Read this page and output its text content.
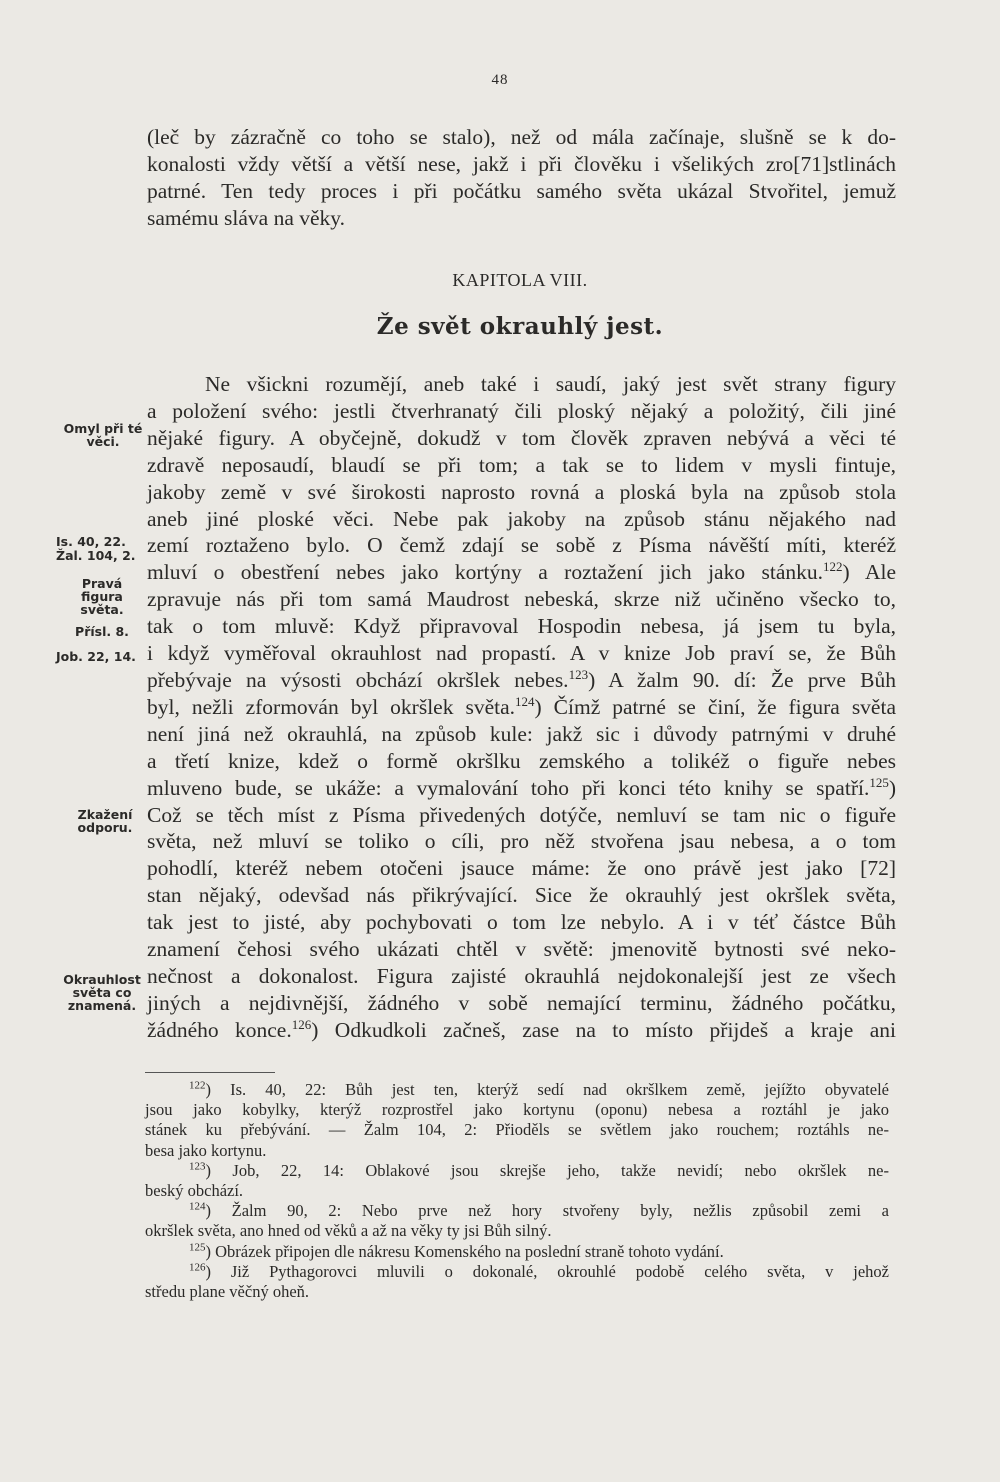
48

(leč by zázračně co toho se stalo), než od mála začínaje, slušně se k do-
konalosti vždy větší a větší nese, jakž i při člověku i všelikých zro[71]stlinách
patrné. Ten tedy proces i při počátku samého světa ukázal Stvořitel, jemuž
samému sláva na věky.

KAPITOLA VIII.
Že svět okrauhlý jest.

Ne všickni rozumějí, aneb také i saudí, jaký jest svět strany figury
a položení svého: jestli čtverhranatý čili ploský nějaký a položitý, čili jiné
nějaké figury. A obyčejně, dokudž v tom člověk zpraven nebývá a věci té
zdravě neposaudí, blaudí se při tom; a tak se to lidem v mysli fintuje,
jakoby země v své širokosti naprosto rovná a ploská byla na způsob stola
aneb jiné ploské věci. Nebe pak jakoby na způsob stánu nějakého nad
zemí roztaženo bylo. O čemž zdají se sobě z Písma návěští míti, kteréž
mluví o obestření nebes jako kortýny a roztažení jich jako stánku.$^{122}$) Ale
zpravuje nás při tom samá Maudrost nebeská, skrze niž učiněno všecko to,
tak o tom mluvě: Když připravoval Hospodin nebesa, já jsem tu byla,
i když vyměřoval okrauhlost nad propastí. A v knize Job praví se, že Bůh
přebývaje na výsosti obchází okršlek nebes.$^{123}$) A žalm 90. dí: Že prve Bůh
byl, nežli zformován byl okršlek světa.$^{124}$) Čímž patrné se činí, že figura světa
není jiná než okrauhlá, na způsob kule: jakž sic i důvody patrnými v druhé
a třetí knize, kdež o formě okršlku zemského a tolikéž o figuře nebes
mluveno bude, se ukáže: a vymalování toho při konci této knihy se spatří.$^{125}$)
Což se těch míst z Písma přivedených dotýče, nemluví se tam nic o figuře
světa, než mluví se toliko o cíli, pro něž stvořena jsau nebesa, a o tom
pohodlí, kteréž nebem otočeni jsauce máme: že ono právě jest jako [72]
stan nějaký, odevšad nás přikrývající. Sice že okrauhlý jest okršlek světa,
tak jest to jisté, aby pochybovati o tom lze nebylo. A i v téť částce Bůh
znamení čehosi svého ukázati chtěl v světě: jmenovitě bytnosti své neko-
nečnost a dokonalost. Figura zajisté okrauhlá nejdokonalejší jest ze všech
jiných a nejdivnější, žádného v sobě nemající terminu, žádného počátku,
žádného konce.$^{126}$) Odkudkoli začneš, zase na to místo přijdeš a kraje ani

Omyl při té věci.
Is. 40, 22.
Žal. 104, 2.
Pravá figura světa.
Přísl. 8.
Job. 22, 14.
Zkažení odporu.
Okrauhlost světa co znamená.
$^{122}$) Is. 40, 22: Bůh jest ten, kterýž sedí nad okršlkem země, jejížto obyvatelé
jsou jako kobylky, kterýž rozprostřel jako kortynu (oponu) nebesa a roztáhl je jako
stánek ku přebývání. — Žalm 104, 2: Přioděls se světlem jako rouchem; roztáhls ne-
besa jako kortynu.
$^{123}$) Job, 22, 14: Oblakové jsou skrejše jeho, takže nevidí; nebo okršlek ne-
beský obchází.
$^{124}$) Žalm 90, 2: Nebo prve než hory stvořeny byly, nežlis způsobil zemi a
okršlek světa, ano hned od věků a až na věky ty jsi Bůh silný.
$^{125}$) Obrázek připojen dle nákresu Komenského na poslední straně tohoto vydání.
$^{126}$) Již Pythagorovci mluvili o dokonalé, okrouhlé podobě celého světa, v jehož
středu plane věčný oheň.
